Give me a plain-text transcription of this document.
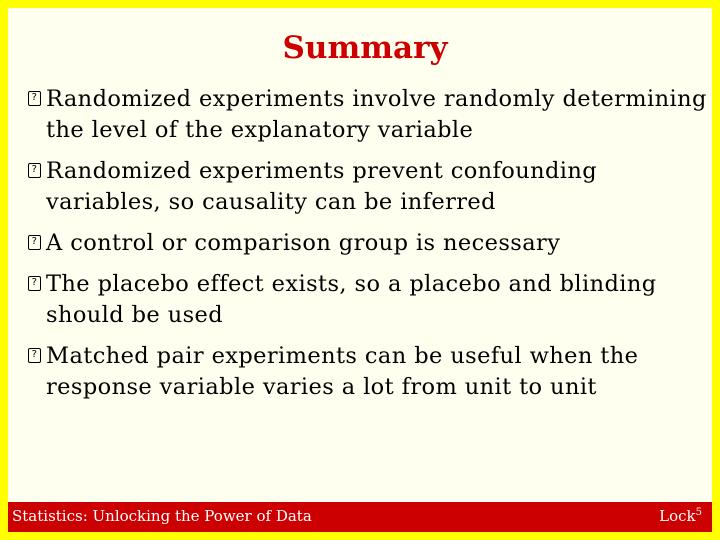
Summary
? Randomized experiments involve randomly determining the level of the explanatory variable
? Randomized experiments prevent confounding variables, so causality can be inferred
? A control or comparison group is necessary
? The placebo effect exists, so a placebo and blinding should be used
? Matched pair experiments can be useful when the response variable varies a lot from unit to unit
Statistics: Unlocking the Power of Data	Lock$^5$
